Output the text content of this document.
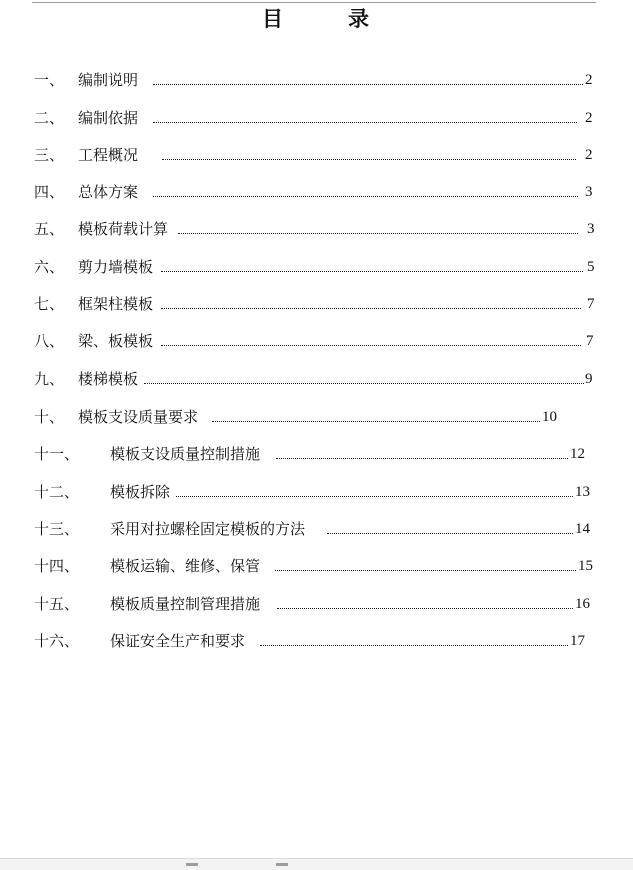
目	录
一、 编制说明	2
二、 编制依据	2
三、 工程概况	2
四、 总体方案	3
五、 模板荷载计算	3
六、 剪力墙模板	5
七、 框架柱模板	7
八、 梁、板模板	7
九、 楼梯模板	9
十、 模板支设质量要求	10
十一、 模板支设质量控制措施	12
十二、 模板拆除	13
十三、 采用对拉螺栓固定模板的方法	14
十四、 模板运输、维修、保管	15
十五、 模板质量控制管理措施	16
十六、 保证安全生产和要求	17
